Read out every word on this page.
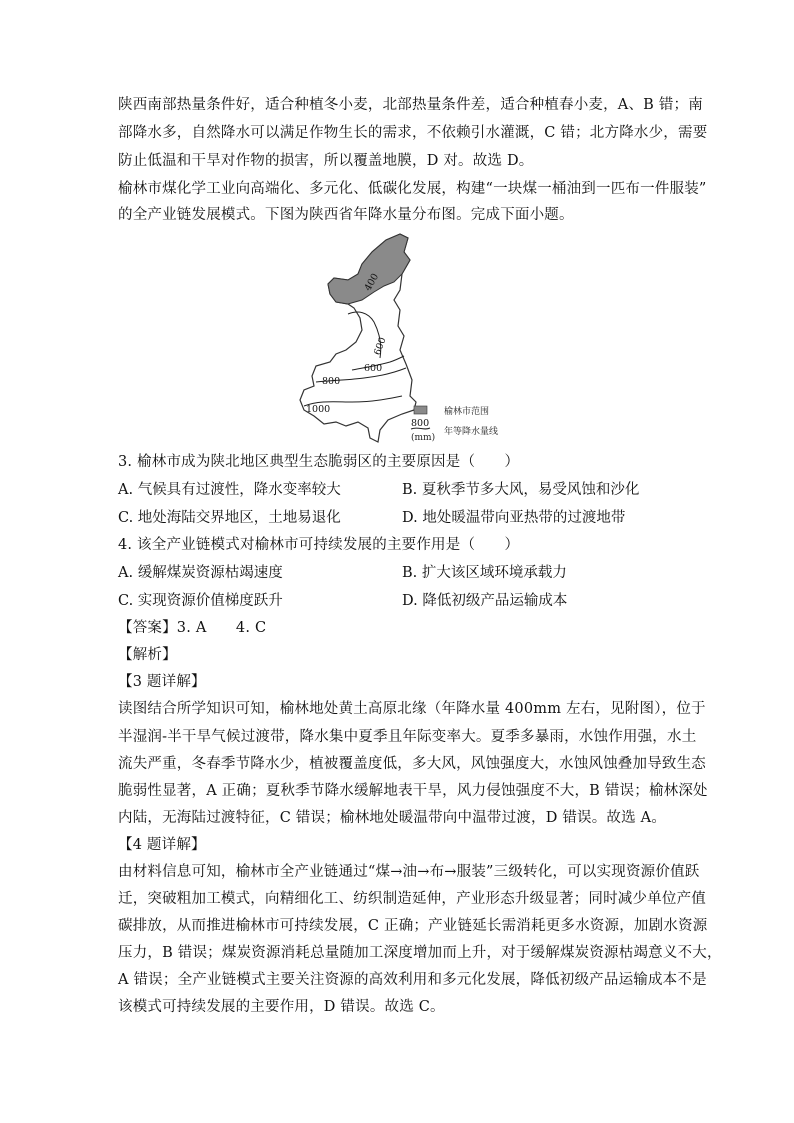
陕西南部热量条件好，适合种植冬小麦，北部热量条件差，适合种植春小麦，A、B 错；南
部降水多，自然降水可以满足作物生长的需求，不依赖引水灌溉，C 错；北方降水少，需要
防止低温和干旱对作物的损害，所以覆盖地膜，D 对。故选 D。
榆林市煤化学工业向高端化、多元化、低碳化发展，构建“一块煤一桶油到一匹布一件服装”
的全产业链发展模式。下图为陕西省年降水量分布图。完成下面小题。
400
600
600
800
1000	榆林市范围
800
(mm)
年等降水量线
3. 榆林市成为陕北地区典型生态脆弱区的主要原因是（　　）
A. 气候具有过渡性，降水变率较大	B. 夏秋季节多大风，易受风蚀和沙化
C. 地处海陆交界地区，土地易退化	D. 地处暖温带向亚热带的过渡地带
4. 该全产业链模式对榆林市可持续发展的主要作用是（　　）
A. 缓解煤炭资源枯竭速度	B. 扩大该区域环境承载力
C. 实现资源价值梯度跃升	D. 降低初级产品运输成本
【答案】3. A　　4. C
【解析】
【3 题详解】
读图结合所学知识可知，榆林地处黄土高原北缘（年降水量 400mm 左右，见附图），位于
半湿润-半干旱气候过渡带，降水集中夏季且年际变率大。夏季多暴雨，水蚀作用强，水土
流失严重，冬春季节降水少，植被覆盖度低，多大风，风蚀强度大，水蚀风蚀叠加导致生态
脆弱性显著，A 正确；夏秋季节降水缓解地表干旱，风力侵蚀强度不大，B 错误；榆林深处
内陆，无海陆过渡特征，C 错误；榆林地处暖温带向中温带过渡，D 错误。故选 A。
【4 题详解】
由材料信息可知，榆林市全产业链通过“煤→油→布→服装”三级转化，可以实现资源价值跃
迁，突破粗加工模式，向精细化工、纺织制造延伸，产业形态升级显著；同时减少单位产值
碳排放，从而推进榆林市可持续发展，C 正确；产业链延长需消耗更多水资源，加剧水资源
压力，B 错误；煤炭资源消耗总量随加工深度增加而上升，对于缓解煤炭资源枯竭意义不大，
A 错误；全产业链模式主要关注资源的高效利用和多元化发展，降低初级产品运输成本不是
该模式可持续发展的主要作用，D 错误。故选 C。
